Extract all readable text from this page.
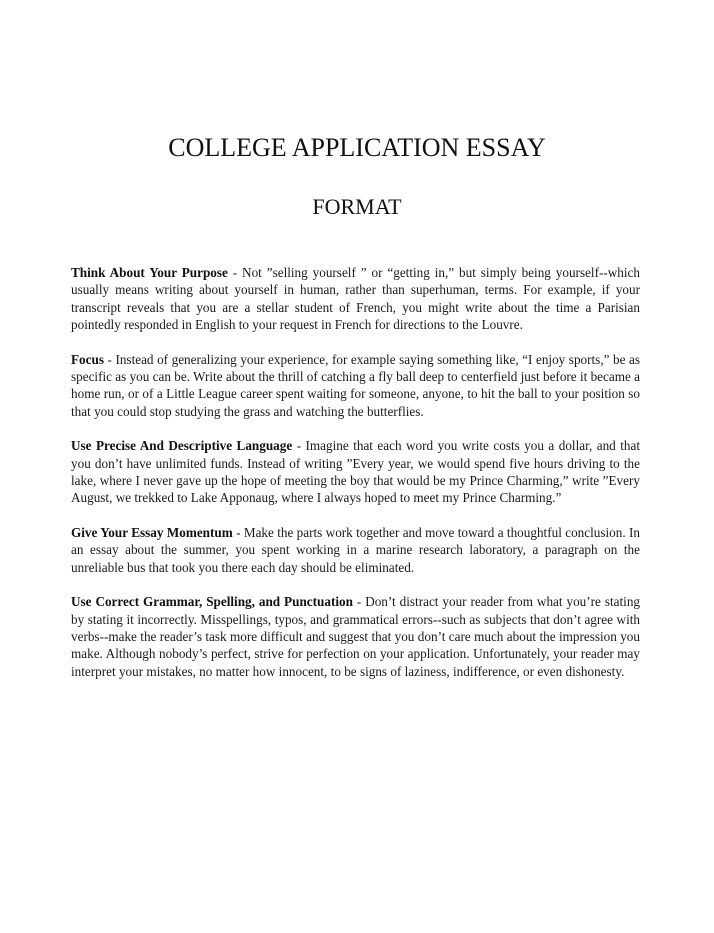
COLLEGE APPLICATION ESSAY
FORMAT

Think About Your Purpose - Not ”selling yourself ” or “getting in,” but simply being yourself--which usually means writing about yourself in human, rather than superhuman, terms. For example, if your transcript reveals that you are a stellar student of French, you might write about the time a Parisian pointedly responded in English to your request in French for directions to the Louvre.

Focus - Instead of generalizing your experience, for example saying something like, “I enjoy sports,” be as specific as you can be. Write about the thrill of catching a fly ball deep to centerfield just before it became a home run, or of a Little League career spent waiting for someone, anyone, to hit the ball to your position so that you could stop studying the grass and watching the butterflies.

Use Precise And Descriptive Language - Imagine that each word you write costs you a dollar, and that you don’t have unlimited funds. Instead of writing ”Every year, we would spend five hours driving to the lake, where I never gave up the hope of meeting the boy that would be my Prince Charming,” write ”Every August, we trekked to Lake Apponaug, where I always hoped to meet my Prince Charming.”

Give Your Essay Momentum - Make the parts work together and move toward a thoughtful conclusion. In an essay about the summer, you spent working in a marine research laboratory, a paragraph on the unreliable bus that took you there each day should be eliminated.

Use Correct Grammar, Spelling, and Punctuation - Don’t distract your reader from what you’re stating by stating it incorrectly. Misspellings, typos, and grammatical errors--such as subjects that don’t agree with verbs--make the reader’s task more difficult and suggest that you don’t care much about the impression you make. Although nobody’s perfect, strive for perfection on your application. Unfortunately, your reader may interpret your mistakes, no matter how innocent, to be signs of laziness, indifference, or even dishonesty.
